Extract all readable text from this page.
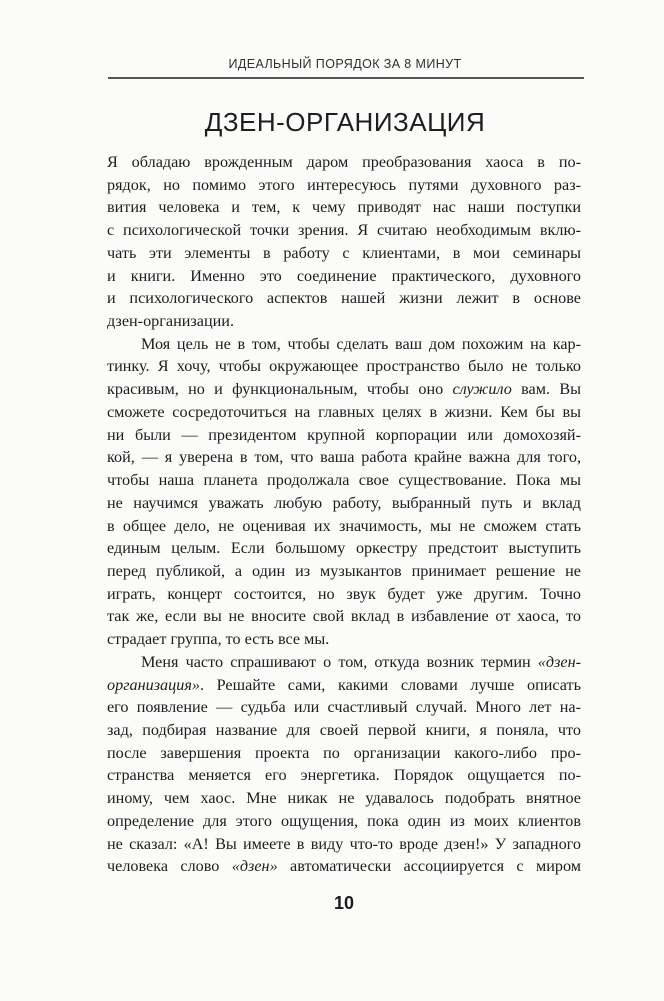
ИДЕАЛЬНЫЙ ПОРЯДОК ЗА 8 МИНУТ
ДЗЕН-ОРГАНИЗАЦИЯ

Я обладаю врожденным даром преобразования хаоса в по-
рядок, но помимо этого интересуюсь путями духовного раз-
вития человека и тем, к чему приводят нас наши поступки
с психологической точки зрения. Я считаю необходимым вклю-
чать эти элементы в работу с клиентами, в мои семинары
и книги. Именно это соединение практического, духовного
и психологического аспектов нашей жизни лежит в основе
дзен-организации.

Моя цель не в том, чтобы сделать ваш дом похожим на кар-
тинку. Я хочу, чтобы окружающее пространство было не только
красивым, но и функциональным, чтобы оно служило вам. Вы
сможете сосредоточиться на главных целях в жизни. Кем бы вы
ни были — президентом крупной корпорации или домохозяй-
кой, — я уверена в том, что ваша работа крайне важна для того,
чтобы наша планета продолжала свое существование. Пока мы
не научимся уважать любую работу, выбранный путь и вклад
в общее дело, не оценивая их значимость, мы не сможем стать
единым целым. Если большому оркестру предстоит выступить
перед публикой, а один из музыкантов принимает решение не
играть, концерт состоится, но звук будет уже другим. Точно
так же, если вы не вносите свой вклад в избавление от хаоса, то
страдает группа, то есть все мы.

Меня часто спрашивают о том, откуда возник термин «дзен-
организация». Решайте сами, какими словами лучше описать
его появление — судьба или счастливый случай. Много лет на-
зад, подбирая название для своей первой книги, я поняла, что
после завершения проекта по организации какого-либо про-
странства меняется его энергетика. Порядок ощущается по-
иному, чем хаос. Мне никак не удавалось подобрать внятное
определение для этого ощущения, пока один из моих клиентов
не сказал: «А! Вы имеете в виду что-то вроде дзен!» У западного
человека слово «дзен» автоматически ассоциируется с миром

10
